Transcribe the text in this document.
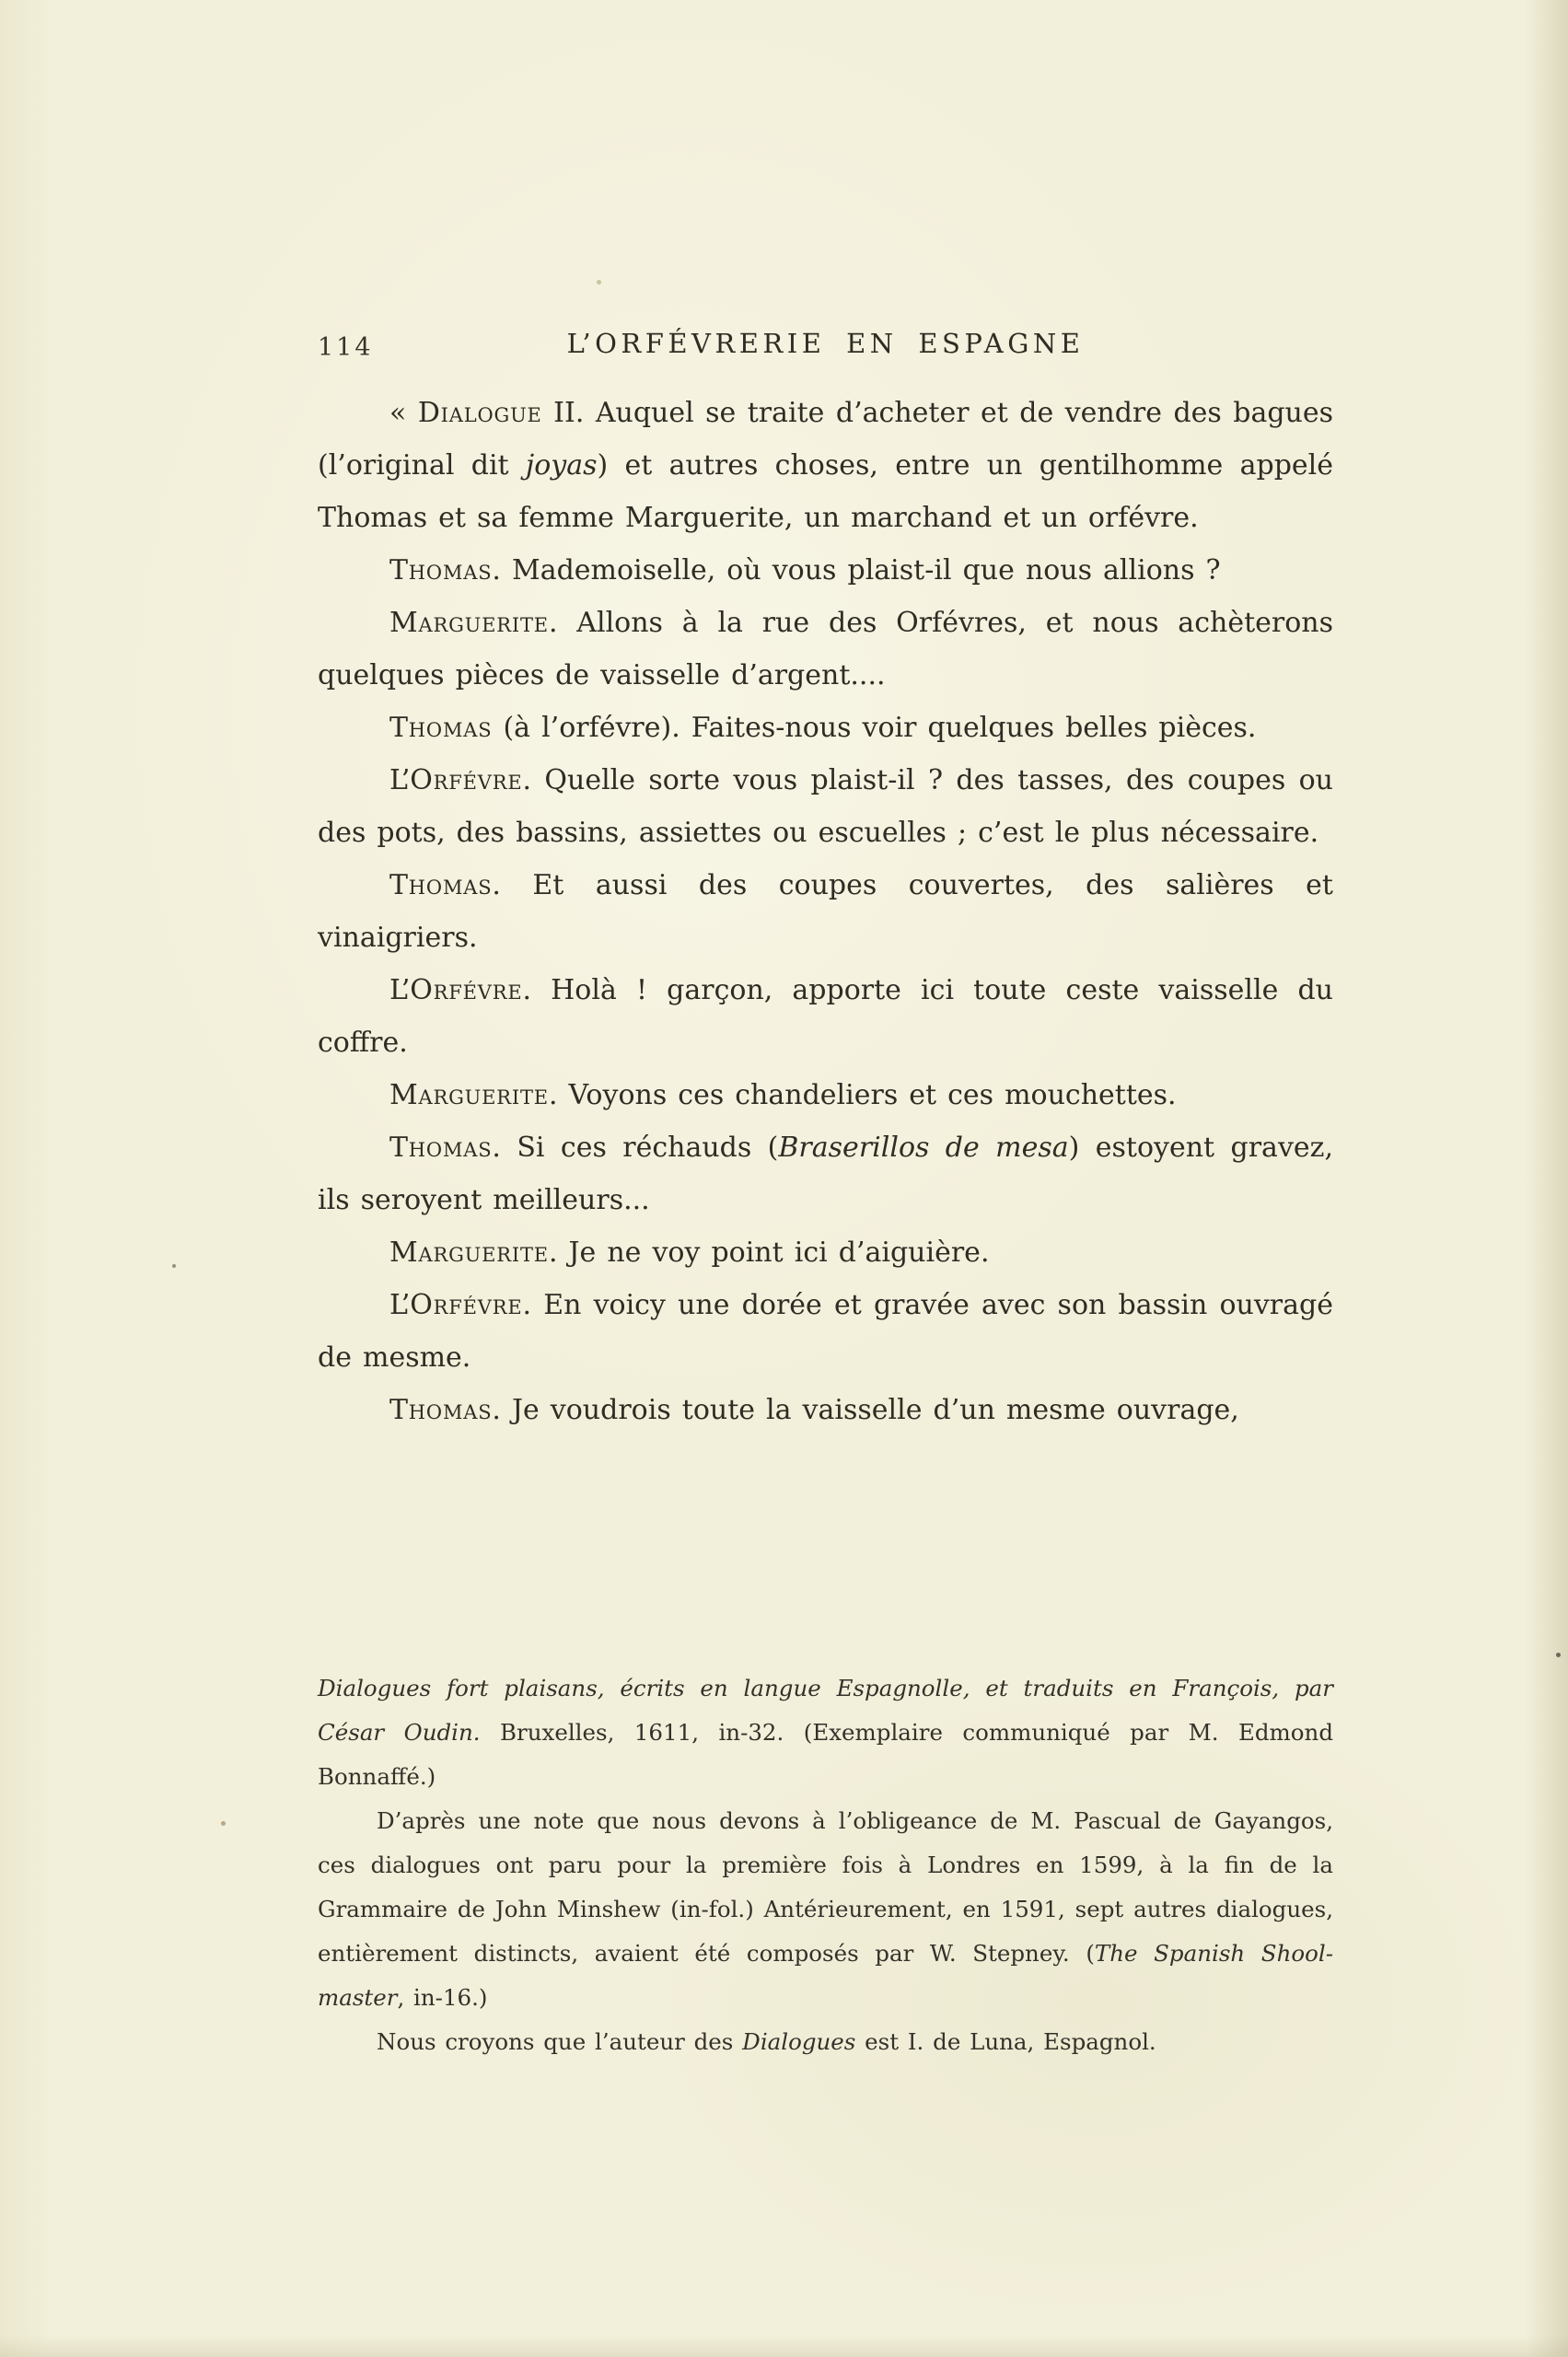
114	L’ORFÉVRERIE EN ESPAGNE

« Dialogue II. Auquel se traite d’acheter et de vendre des bagues (l’original dit joyas) et autres choses, entre un gentilhomme appelé Thomas et sa femme Marguerite, un marchand et un orfévre.

Thomas. Mademoiselle, où vous plaist-il que nous allions ?

Marguerite. Allons à la rue des Orfévres, et nous achèterons quelques pièces de vaisselle d’argent....

Thomas (à l’orfévre). Faites-nous voir quelques belles pièces.

L’Orfévre. Quelle sorte vous plaist-il ? des tasses, des coupes ou des pots, des bassins, assiettes ou escuelles ; c’est le plus nécessaire.

Thomas. Et aussi des coupes couvertes, des salières et vinaigriers.

L’Orfévre. Holà ! garçon, apporte ici toute ceste vaisselle du coffre.

Marguerite. Voyons ces chandeliers et ces mouchettes.

Thomas. Si ces réchauds (Braserillos de mesa) estoyent gravez, ils seroyent meilleurs...

Marguerite. Je ne voy point ici d’aiguière.

L’Orfévre. En voicy une dorée et gravée avec son bassin ouvragé de mesme.

Thomas. Je voudrois toute la vaisselle d’un mesme ouvrage,

Dialogues fort plaisans, écrits en langue Espagnolle, et traduits en François, par César Oudin. Bruxelles, 1611, in-32. (Exemplaire communiqué par M. Edmond Bonnaffé.)

D’après une note que nous devons à l’obligeance de M. Pascual de Gayangos, ces dialogues ont paru pour la première fois à Londres en 1599, à la fin de la Grammaire de John Minshew (in-fol.) Antérieurement, en 1591, sept autres dialogues, entièrement distincts, avaient été composés par W. Stepney. (The Spanish Shool-master, in-16.)

Nous croyons que l’auteur des Dialogues est I. de Luna, Espagnol.
